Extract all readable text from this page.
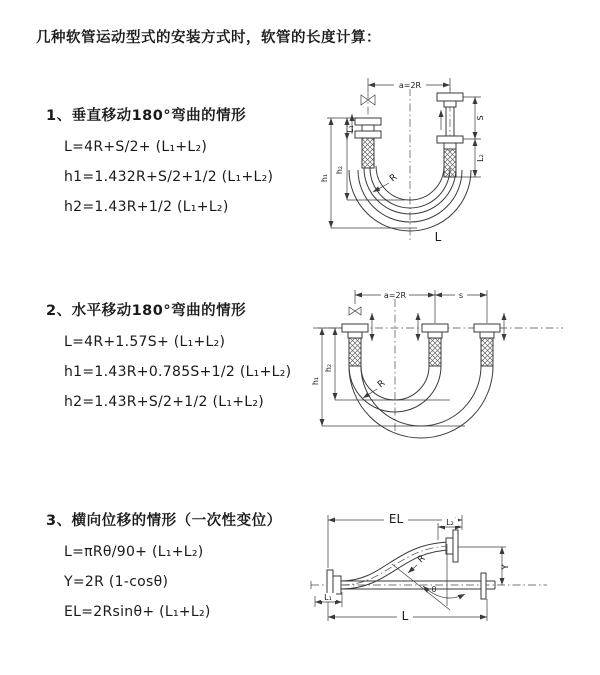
几种软管运动型式的安装方式时，软管的长度计算：
1、垂直移动180°弯曲的情形
L=4R+S/2+ (L₁+L₂)
h1=1.432R+S/2+1/2 (L₁+L₂)
h2=1.43R+1/2 (L₁+L₂)
2、水平移动180°弯曲的情形
L=4R+1.57S+ (L₁+L₂)
h1=1.43R+0.785S+1/2 (L₁+L₂)
h2=1.43R+S/2+1/2 (L₁+L₂)
3、横向位移的情形（一次性变位）
L=πRθ/90+ (L₁+L₂)
Y=2R (1-cosθ)
EL=2Rsinθ+ (L₁+L₂)
a=2R
S
L₂
h₁
h₂
L₁
R
L
a=2R	s
h₁
h₂
R
EL	L₂
θ
R
Y
L
L₁
